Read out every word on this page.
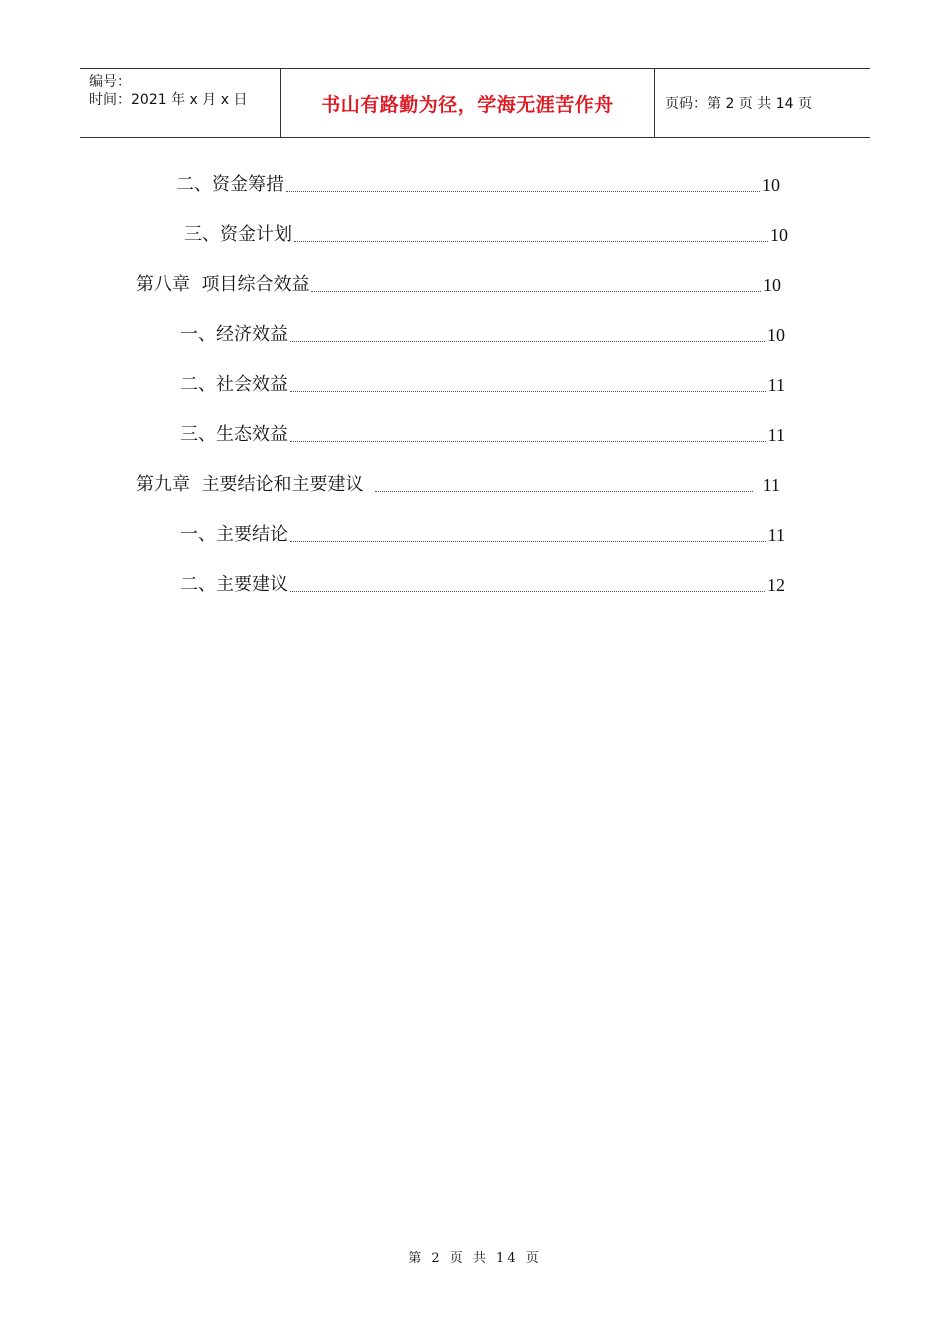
编号：
时间：2021 年 x 月 x 日	书山有路勤为径，学海无涯苦作舟	页码：第 2 页 共 14 页
二、资金筹措	10
三、资金计划	10
第八章  项目综合效益	10
一、经济效益	10
二、社会效益	11
三、生态效益	11
第九章  主要结论和主要建议	11
一、主要结论	11
二、主要建议	12
第 2 页 共 14 页
